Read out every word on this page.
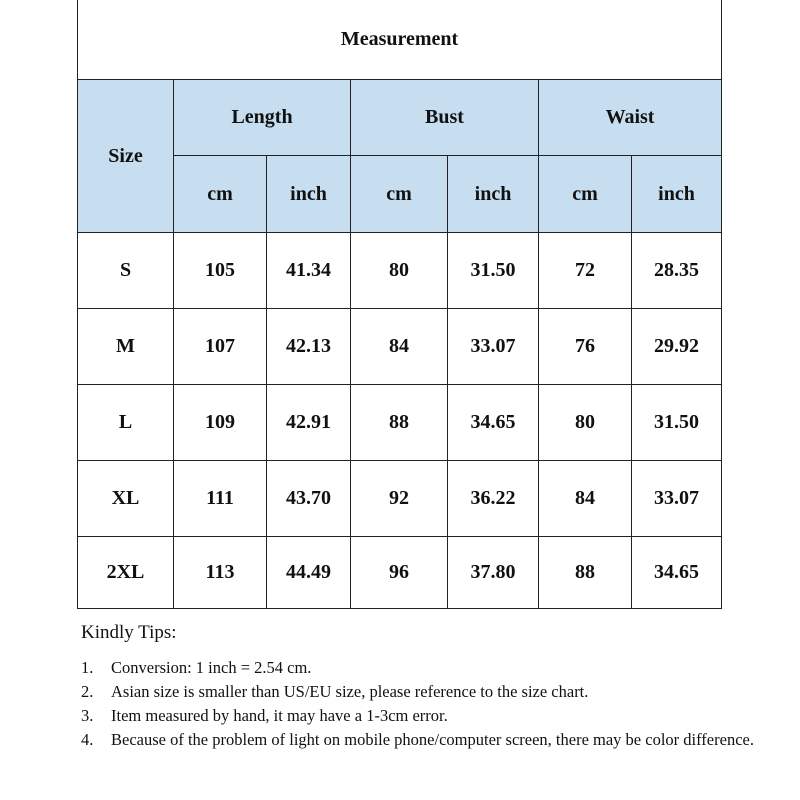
Measurement						
Size	Length		Bust		Waist	
	cm	inch	cm	inch	cm	inch
S	105	41.34	80	31.50	72	28.35
M	107	42.13	84	33.07	76	29.92
L	109	42.91	88	34.65	80	31.50
XL	111	43.70	92	36.22	84	33.07
2XL	113	44.49	96	37.80	88	34.65

Kindly Tips:

1.	Conversion: 1 inch = 2.54 cm.
2.	Asian size is smaller than US/EU size, please reference to the size chart.
3.	Item measured by hand, it may have a 1-3cm error.
4.	Because of the problem of light on mobile phone/computer screen, there may be color difference.
